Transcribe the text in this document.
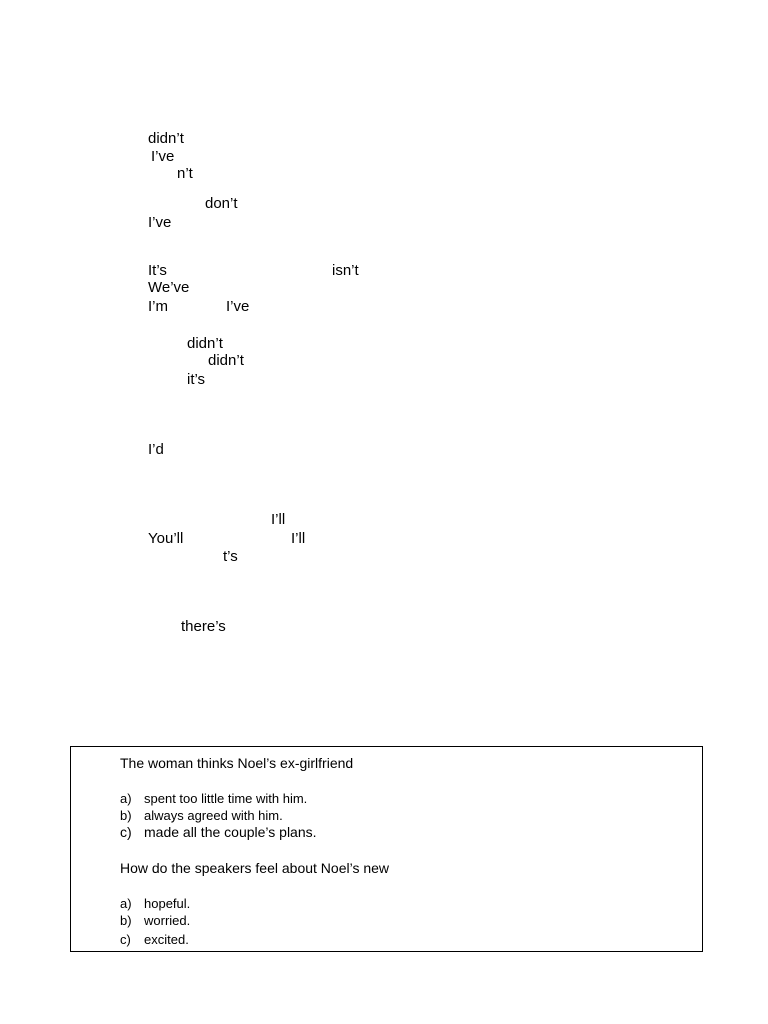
didn’t
I’ve
n’t
don’t
I’ve
It’s	isn’t
We’ve
I’m	I’ve
didn’t
didn’t
it’s
I’d
I’ll
You’ll	I’ll
t’s
there’s
The woman thinks Noel’s ex-girlfriend
a) spent too little time with him.
b) always agreed with him.
c) made all the couple’s plans.
How do the speakers feel about Noel’s new
a) hopeful.
b) worried.
c) excited.
